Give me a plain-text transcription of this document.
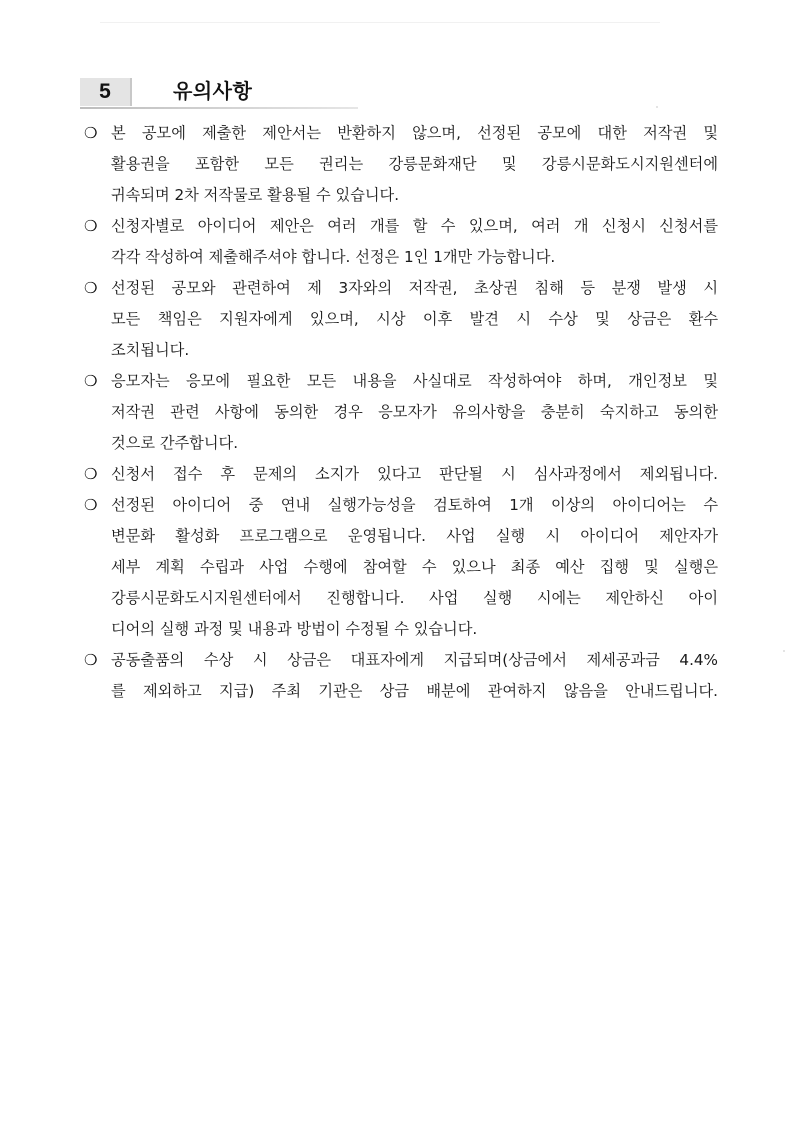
5	유의사항
❍ 본 공모에 제출한 제안서는 반환하지 않으며, 선정된 공모에 대한 저작권 및
활용권을 포함한 모든 권리는 강릉문화재단 및 강릉시문화도시지원센터에
귀속되며 2차 저작물로 활용될 수 있습니다.
❍ 신청자별로 아이디어 제안은 여러 개를 할 수 있으며, 여러 개 신청시 신청서를
각각 작성하여 제출해주셔야 합니다. 선정은 1인 1개만 가능합니다.
❍ 선정된 공모와 관련하여 제 3자와의 저작권, 초상권 침해 등 분쟁 발생 시
모든 책임은 지원자에게 있으며, 시상 이후 발견 시 수상 및 상금은 환수
조치됩니다.
❍ 응모자는 응모에 필요한 모든 내용을 사실대로 작성하여야 하며, 개인정보 및
저작권 관련 사항에 동의한 경우 응모자가 유의사항을 충분히 숙지하고 동의한
것으로 간주합니다.
❍ 신청서 접수 후 문제의 소지가 있다고 판단될 시 심사과정에서 제외됩니다.
❍ 선정된 아이디어 중 연내 실행가능성을 검토하여 1개 이상의 아이디어는 수
변문화 활성화 프로그램으로 운영됩니다. 사업 실행 시 아이디어 제안자가
세부 계획 수립과 사업 수행에 참여할 수 있으나 최종 예산 집행 및 실행은
강릉시문화도시지원센터에서 진행합니다. 사업 실행 시에는 제안하신 아이
디어의 실행 과정 및 내용과 방법이 수정될 수 있습니다.
❍ 공동출품의 수상 시 상금은 대표자에게 지급되며(상금에서 제세공과금 4.4%
를 제외하고 지급) 주최 기관은 상금 배분에 관여하지 않음을 안내드립니다.
